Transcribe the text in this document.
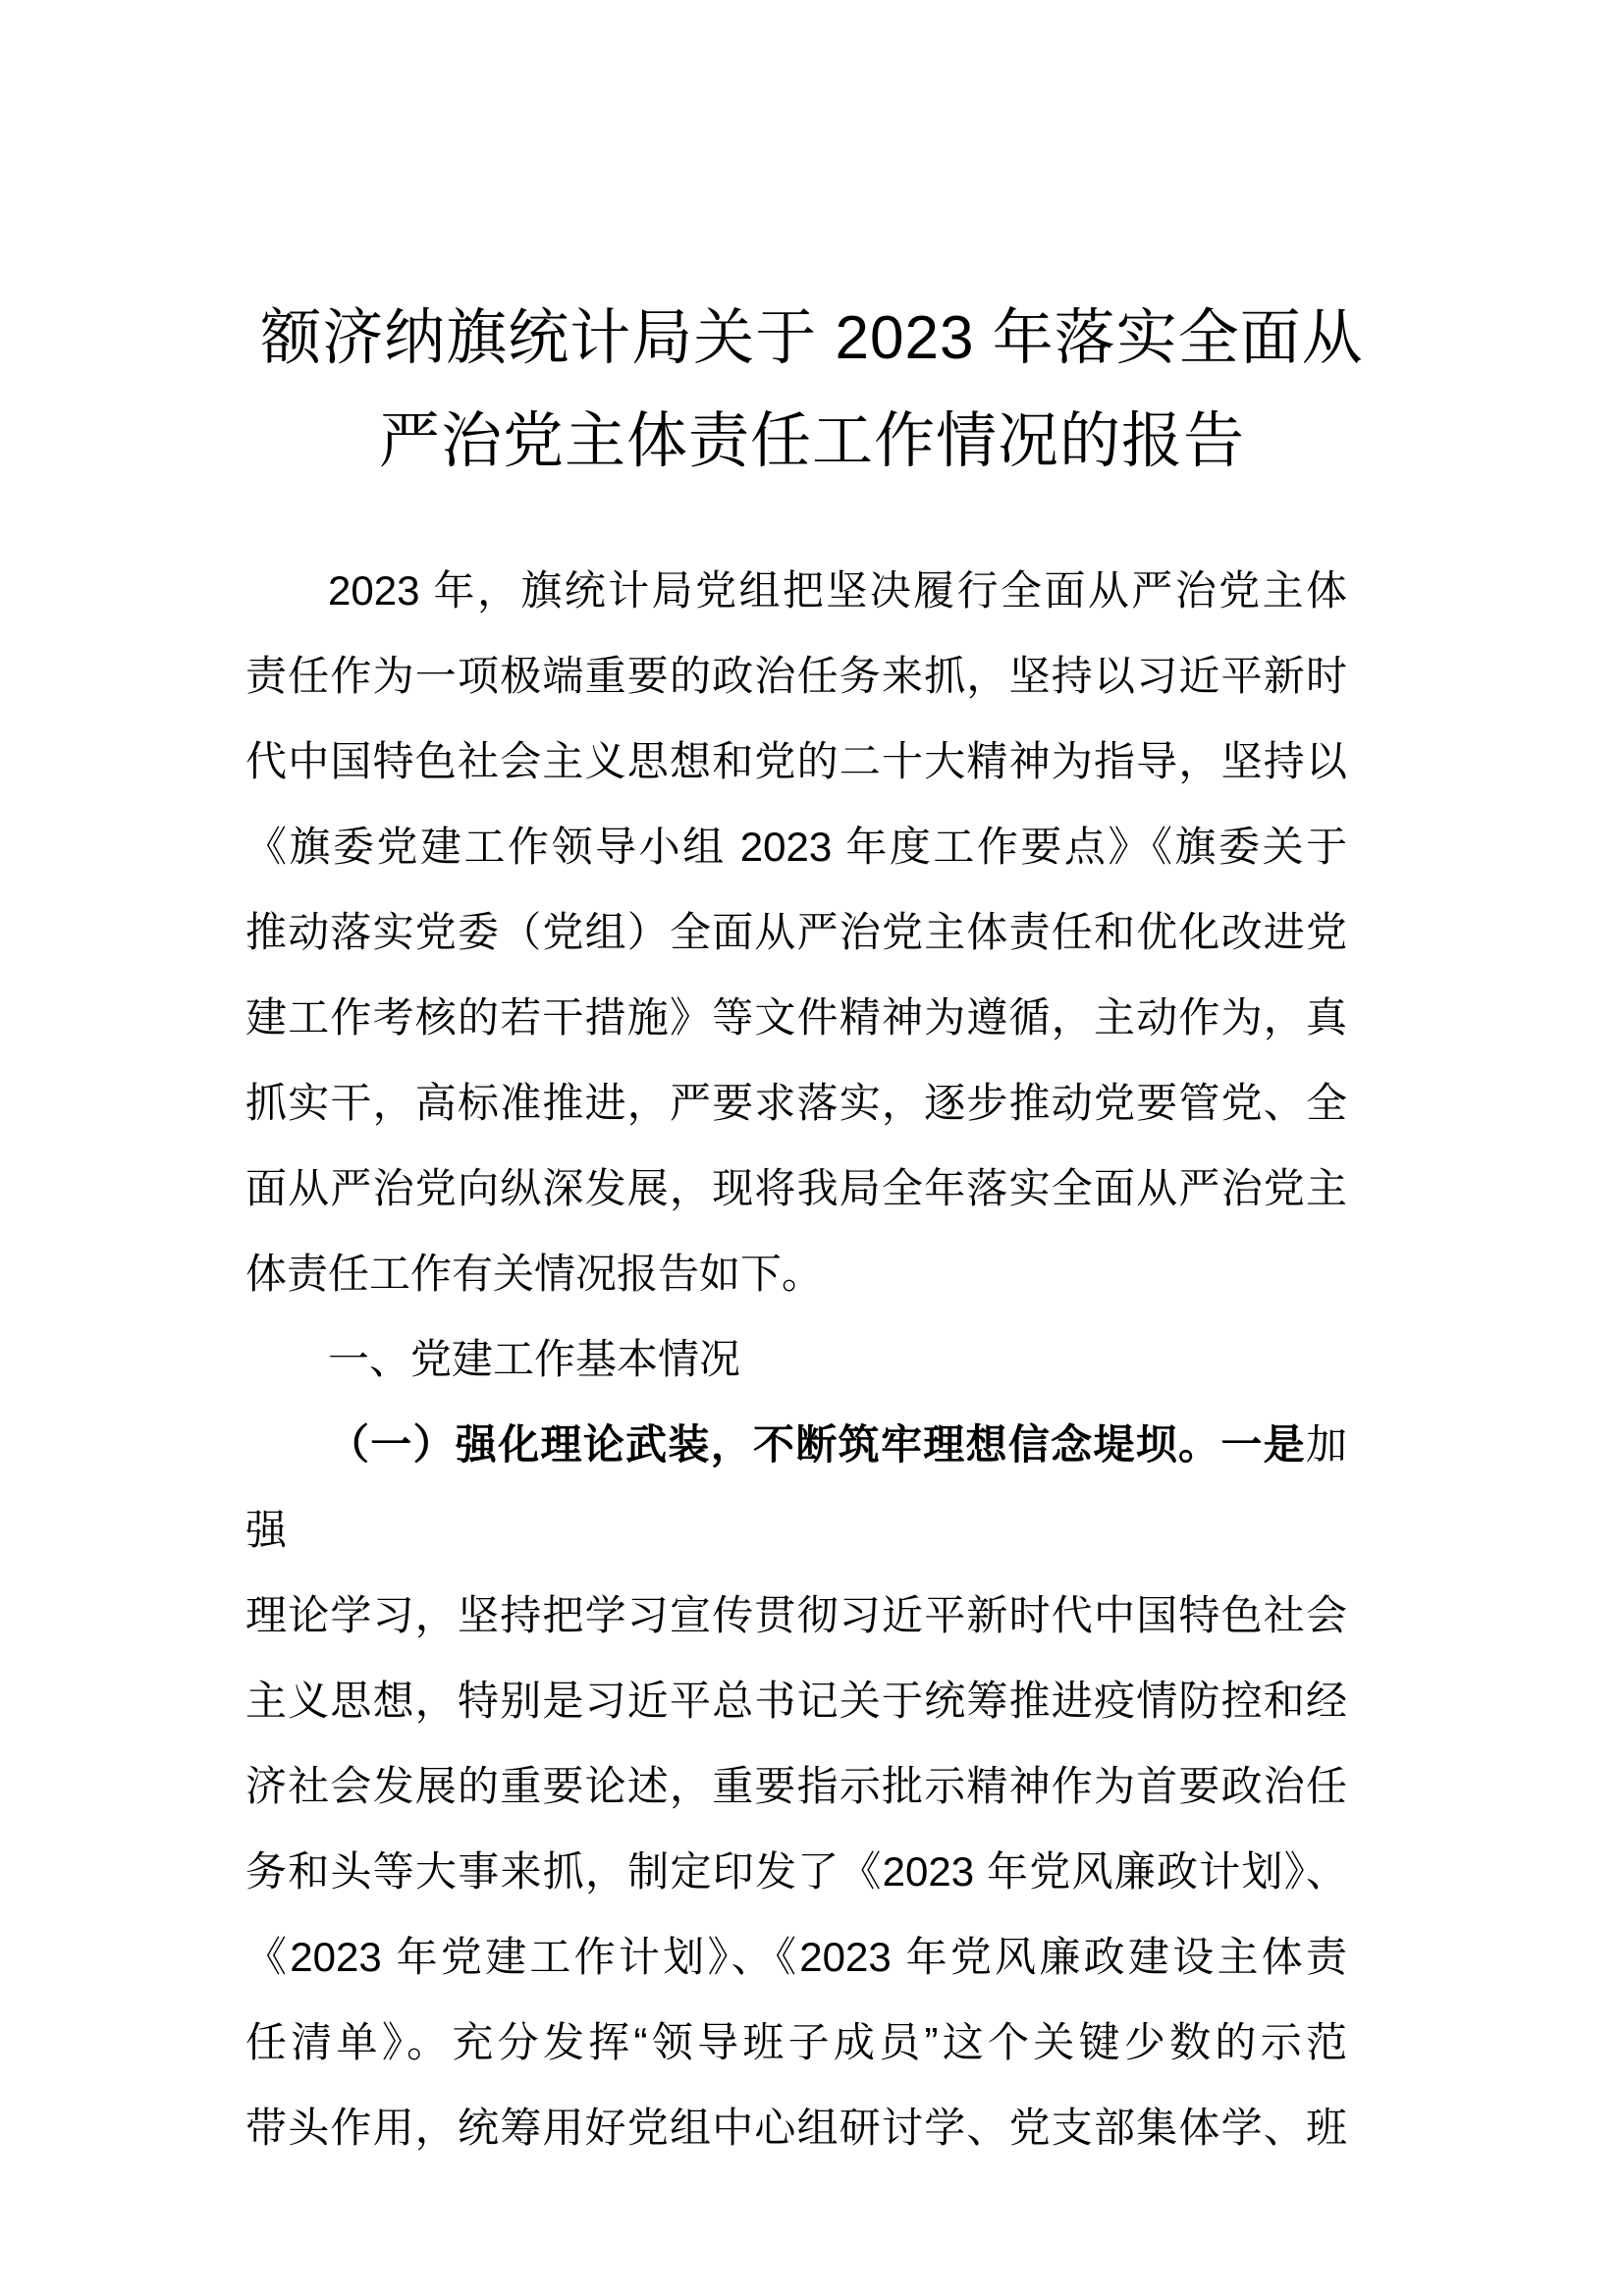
额济纳旗统计局关于 2023 年落实全面从
严治党主体责任工作情况的报告
2023 年，旗统计局党组把坚决履行全面从严治党主体
责任作为一项极端重要的政治任务来抓，坚持以习近平新时
代中国特色社会主义思想和党的二十大精神为指导，坚持以
《旗委党建工作领导小组 2023 年度工作要点》《旗委关于
推动落实党委（党组）全面从严治党主体责任和优化改进党
建工作考核的若干措施》等文件精神为遵循，主动作为，真
抓实干，高标准推进，严要求落实，逐步推动党要管党、全
面从严治党向纵深发展，现将我局全年落实全面从严治党主
体责任工作有关情况报告如下。
一、党建工作基本情况
（一）强化理论武装，不断筑牢理想信念堤坝。一是加强
理论学习，坚持把学习宣传贯彻习近平新时代中国特色社会
主义思想，特别是习近平总书记关于统筹推进疫情防控和经
济社会发展的重要论述，重要指示批示精神作为首要政治任
务和头等大事来抓，制定印发了《2023 年党风廉政计划》、
《2023 年党建工作计划》、《2023 年党风廉政建设主体责
任清单》。充分发挥“领导班子成员”这个关键少数的示范
带头作用，统筹用好党组中心组研讨学、党支部集体学、班
